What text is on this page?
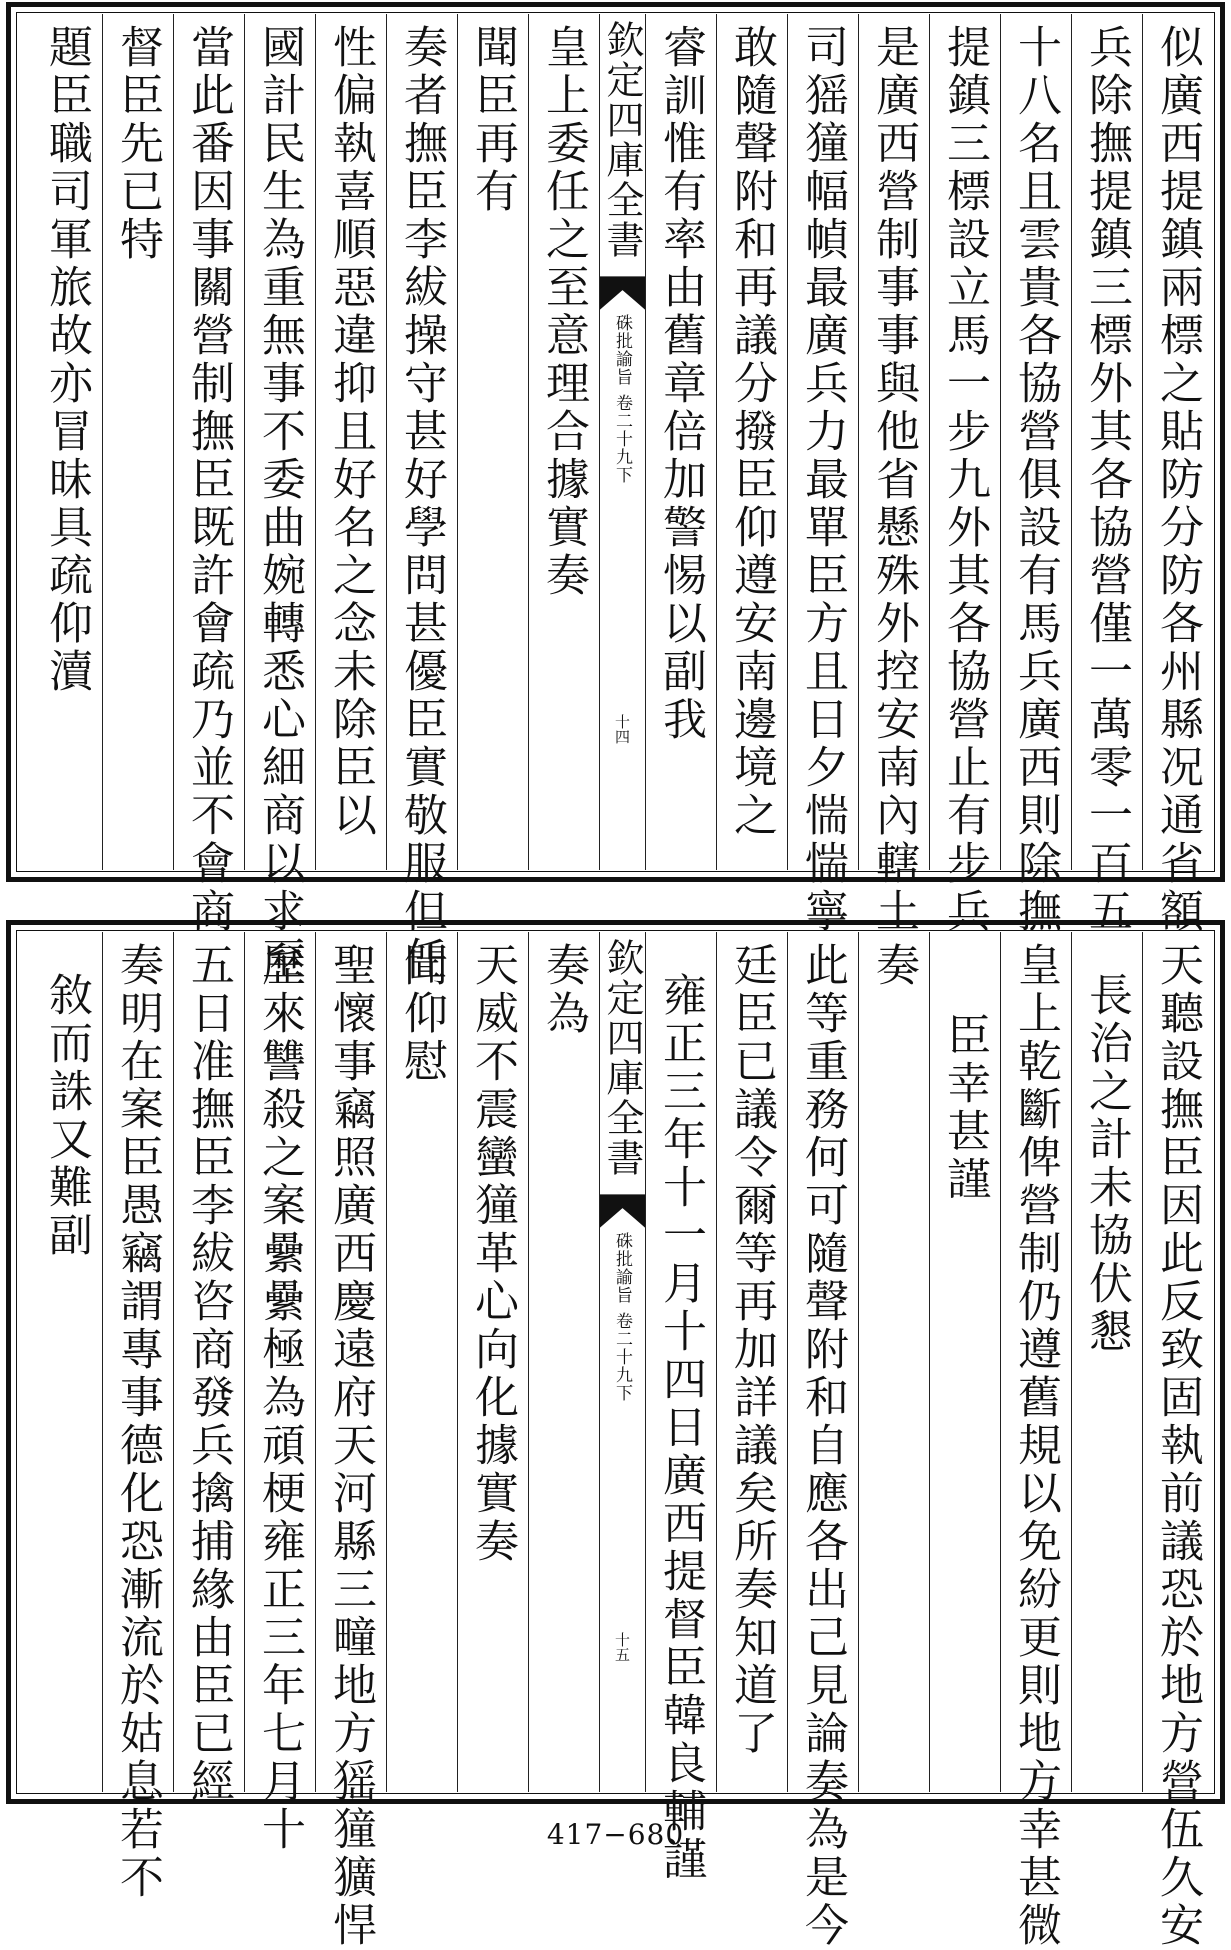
似廣西提鎮兩標之貼防分防各州縣况通省額
兵除撫提鎮三標外其各協營僅一萬零一百五
十八名且雲貴各協營俱設有馬兵廣西則除撫
提鎮三標設立馬一步九外其各協營止有步兵
是廣西營制事事與他省懸殊外控安南內轄土
司猺獞幅幀最廣兵力最單臣方且日夕惴惴寧
敢隨聲附和再議分撥臣仰遵安南邊境之
睿訓惟有率由舊章倍加警惕以副我
欽定四庫全書
硃批諭旨
卷二十九下
十四
皇上委任之至意理合據實奏
聞臣再有
奏者撫臣李紱操守甚好學問甚優臣實敬服但任
性偏執喜順惡違抑且好名之念未除臣以
國計民生為重無事不委曲婉轉悉心細商以求至
當此番因事關營制撫臣既許會疏乃並不會商
督臣先已特
題臣職司軍旅故亦冒昧具疏仰瀆
天聽設撫臣因此反致固執前議恐於地方營伍久安
長治之計未協伏懇
皇上乾斷俾營制仍遵舊規以免紛更則地方幸甚微
臣幸甚謹
奏
此等重務何可隨聲附和自應各出己見論奏為是今
廷臣已議令爾等再加詳議矣所奏知道了
雍正三年十一月十四日廣西提督臣韓良輔謹
欽定四庫全書
硃批諭旨
卷二十九下
十五
奏為
天威不震蠻獞革心向化據實奏
聞仰慰
聖懷事竊照廣西慶遠府天河縣三疃地方猺獞獷悍
歷來讐殺之案纍纍極為頑梗雍正三年七月十
五日准撫臣李紱咨商發兵擒捕緣由臣已經
奏明在案臣愚竊謂專事德化恐漸流於姑息若不
敘而誅又難副
417−680
